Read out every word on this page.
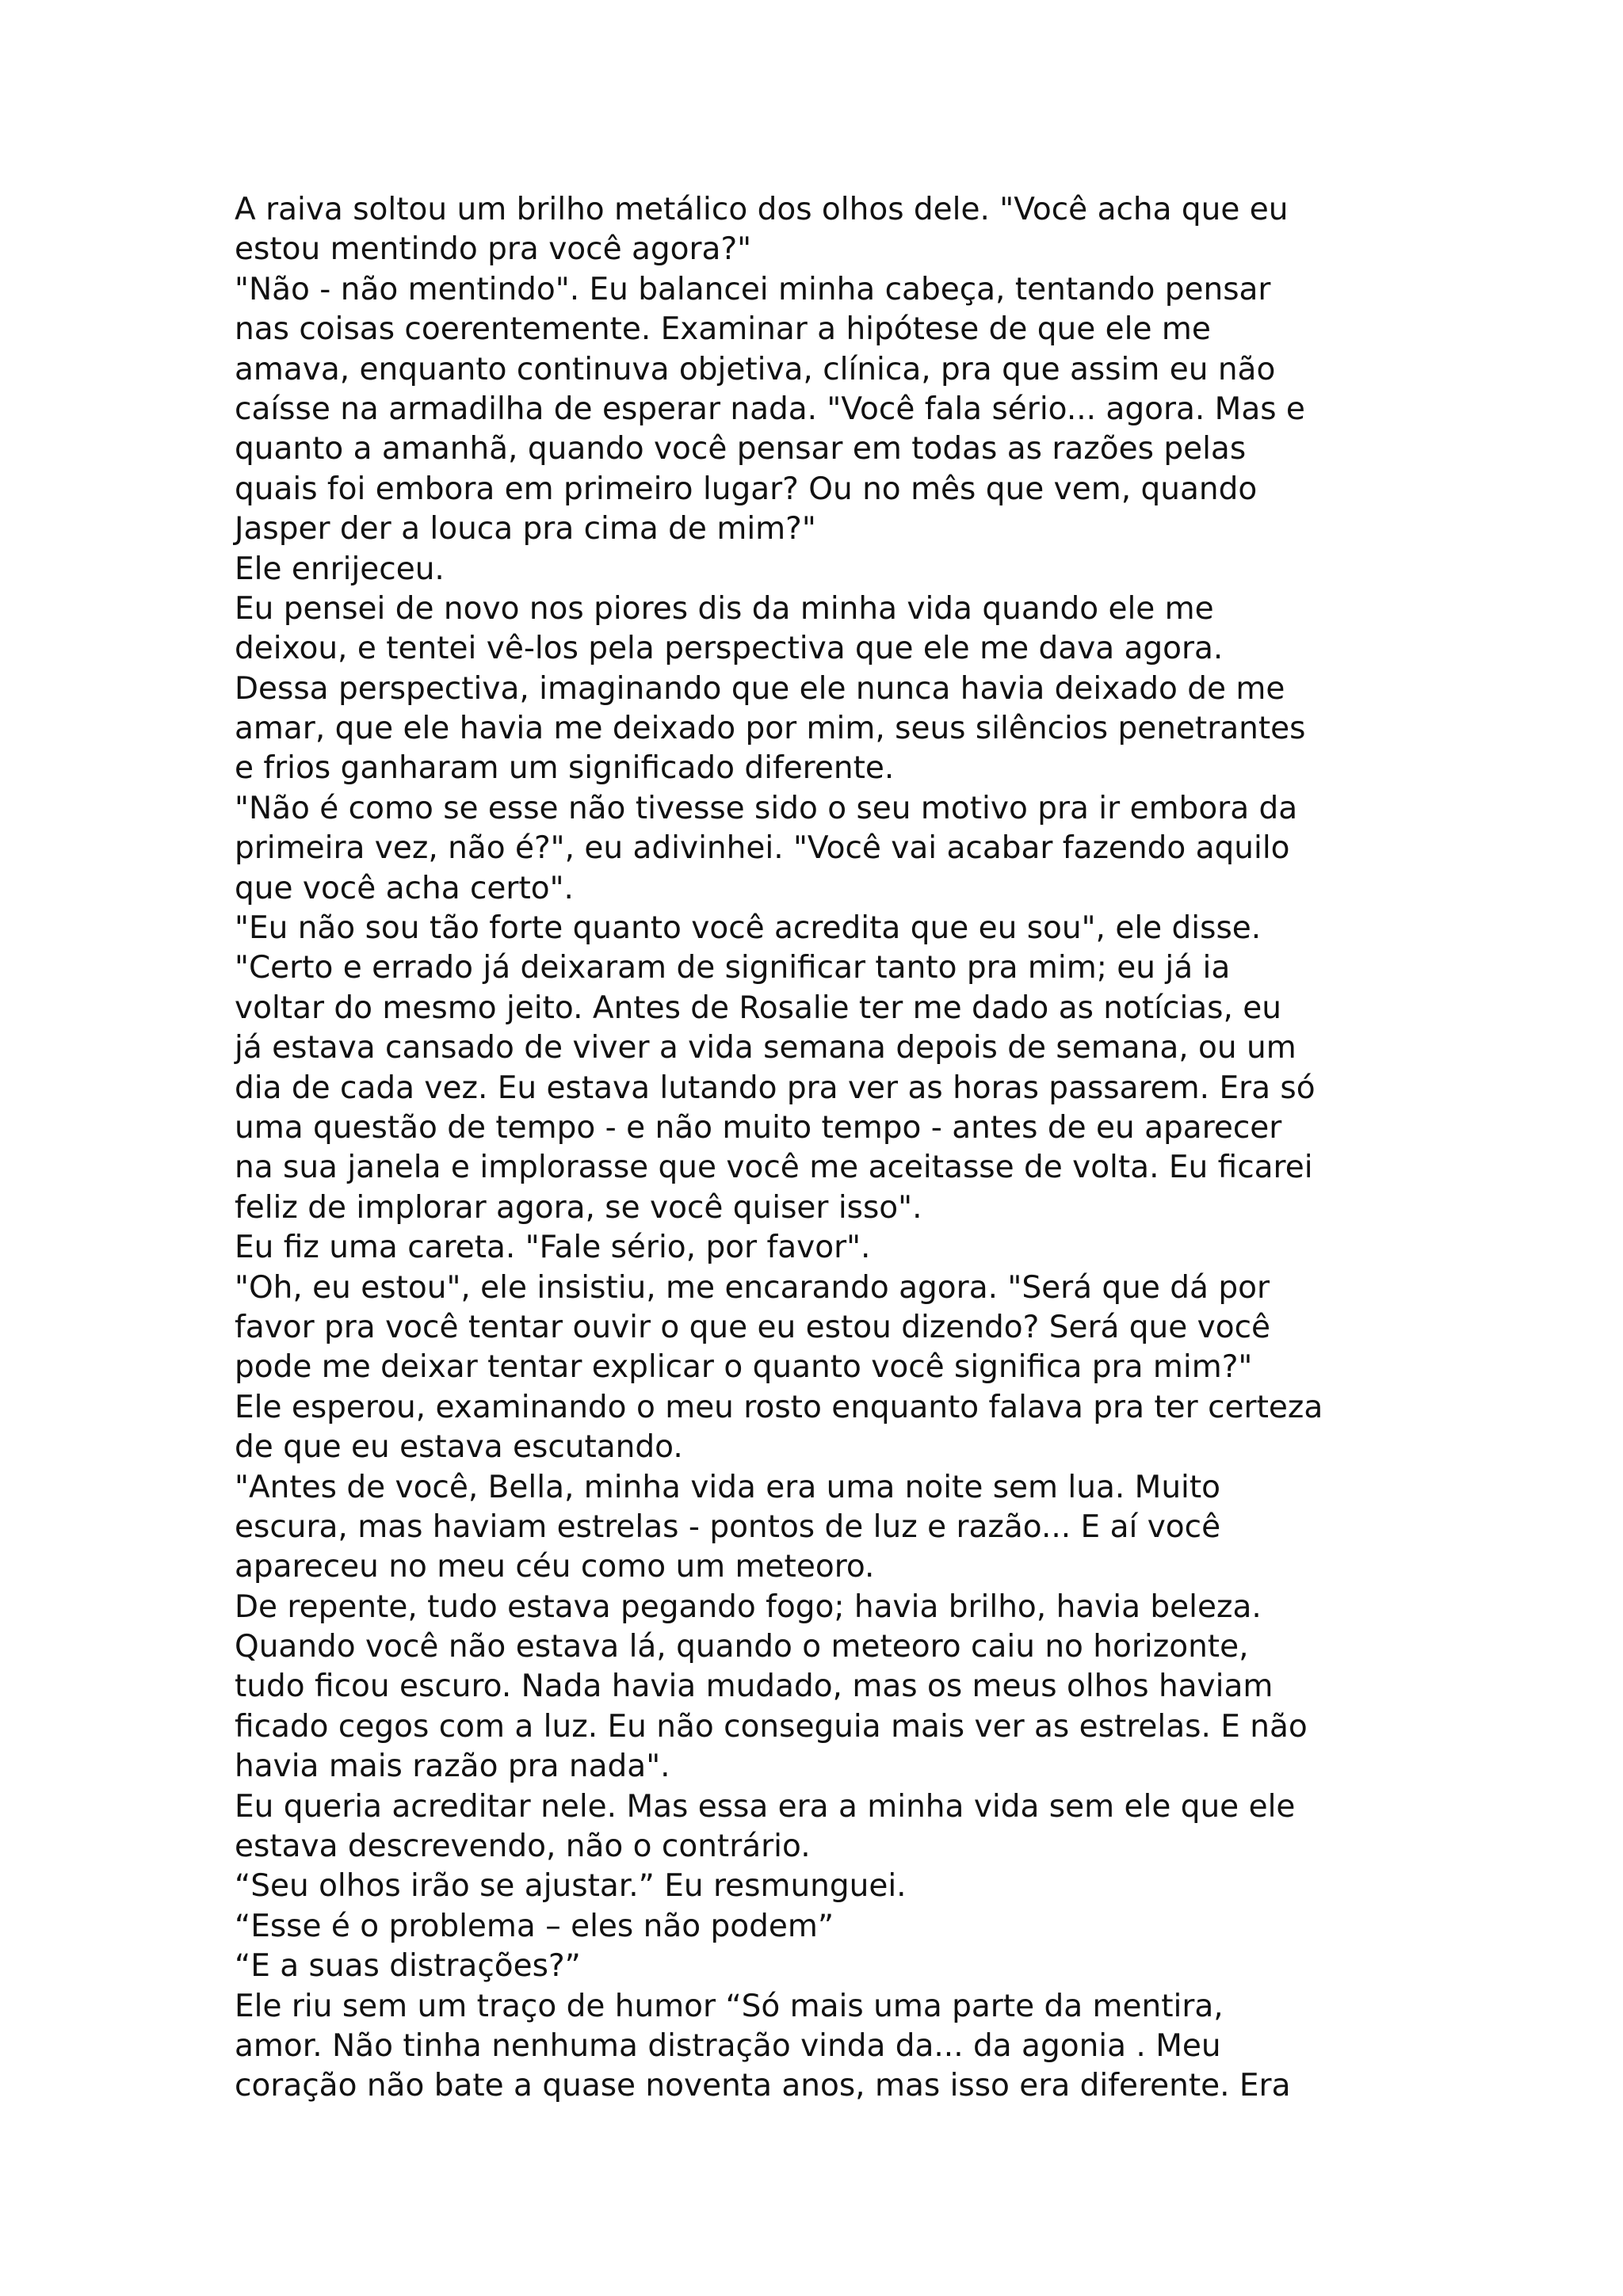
A raiva soltou um brilho metálico dos olhos dele. "Você acha que eu
estou mentindo pra você agora?"
"Não - não mentindo". Eu balancei minha cabeça, tentando pensar
nas coisas coerentemente. Examinar a hipótese de que ele me
amava, enquanto continuva objetiva, clínica, pra que assim eu não
caísse na armadilha de esperar nada. "Você fala sério... agora. Mas e
quanto a amanhã, quando você pensar em todas as razões pelas
quais foi embora em primeiro lugar? Ou no mês que vem, quando
Jasper der a louca pra cima de mim?"
Ele enrijeceu.
Eu pensei de novo nos piores dis da minha vida quando ele me
deixou, e tentei vê-los pela perspectiva que ele me dava agora.
Dessa perspectiva, imaginando que ele nunca havia deixado de me
amar, que ele havia me deixado por mim, seus silêncios penetrantes
e frios ganharam um significado diferente.
"Não é como se esse não tivesse sido o seu motivo pra ir embora da
primeira vez, não é?", eu adivinhei. "Você vai acabar fazendo aquilo
que você acha certo".
"Eu não sou tão forte quanto você acredita que eu sou", ele disse.
"Certo e errado já deixaram de significar tanto pra mim; eu já ia
voltar do mesmo jeito. Antes de Rosalie ter me dado as notícias, eu
já estava cansado de viver a vida semana depois de semana, ou um
dia de cada vez. Eu estava lutando pra ver as horas passarem. Era só
uma questão de tempo - e não muito tempo - antes de eu aparecer
na sua janela e implorasse que você me aceitasse de volta. Eu ficarei
feliz de implorar agora, se você quiser isso".
Eu fiz uma careta. "Fale sério, por favor".
"Oh, eu estou", ele insistiu, me encarando agora. "Será que dá por
favor pra você tentar ouvir o que eu estou dizendo? Será que você
pode me deixar tentar explicar o quanto você significa pra mim?"
Ele esperou, examinando o meu rosto enquanto falava pra ter certeza
de que eu estava escutando.
"Antes de você, Bella, minha vida era uma noite sem lua. Muito
escura, mas haviam estrelas - pontos de luz e razão... E aí você
apareceu no meu céu como um meteoro.
De repente, tudo estava pegando fogo; havia brilho, havia beleza.
Quando você não estava lá, quando o meteoro caiu no horizonte,
tudo ficou escuro. Nada havia mudado, mas os meus olhos haviam
ficado cegos com a luz. Eu não conseguia mais ver as estrelas. E não
havia mais razão pra nada".
Eu queria acreditar nele. Mas essa era a minha vida sem ele que ele
estava descrevendo, não o contrário.
“Seu olhos irão se ajustar.” Eu resmunguei.
“Esse é o problema – eles não podem”
“E a suas distrações?”
Ele riu sem um traço de humor “Só mais uma parte da mentira,
amor. Não tinha nenhuma distração vinda da... da agonia . Meu
coração não bate a quase noventa anos, mas isso era diferente. Era
